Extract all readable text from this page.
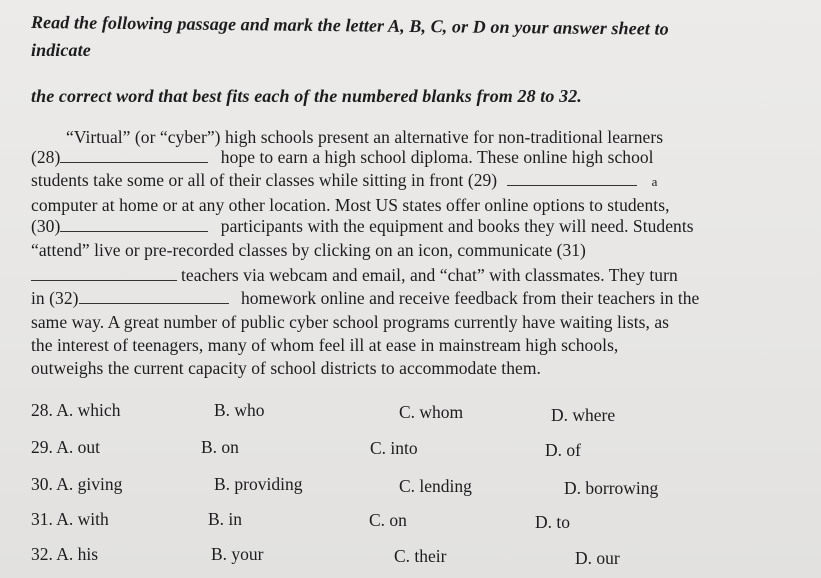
Read the following passage and mark the letter A, B, C, or D on your answer sheet to
indicate
the correct word that best fits each of the numbered blanks from 28 to 32.
“Virtual” (or “cyber”) high schools present an alternative for non-traditional learners
(28)	hope to earn a high school diploma. These online high school
students take some or all of their classes while sitting in front (29)	a
computer at home or at any other location. Most US states offer online options to students,
(30)	participants with the equipment and books they will need. Students
“attend” live or pre-recorded classes by clicking on an icon, communicate (31)
teachers via webcam and email, and “chat” with classmates. They turn
in (32)	homework online and receive feedback from their teachers in the
same way. A great number of public cyber school programs currently have waiting lists, as
the interest of teenagers, many of whom feel ill at ease in mainstream high schools,
outweighs the current capacity of school districts to accommodate them.
28. A. which	B. who	C. whom	D. where
29. A. out	B. on	C. into	D. of
30. A. giving	B. providing	C. lending	D. borrowing
31. A. with	B. in	C. on	D. to
32. A. his	B. your	C. their	D. our
